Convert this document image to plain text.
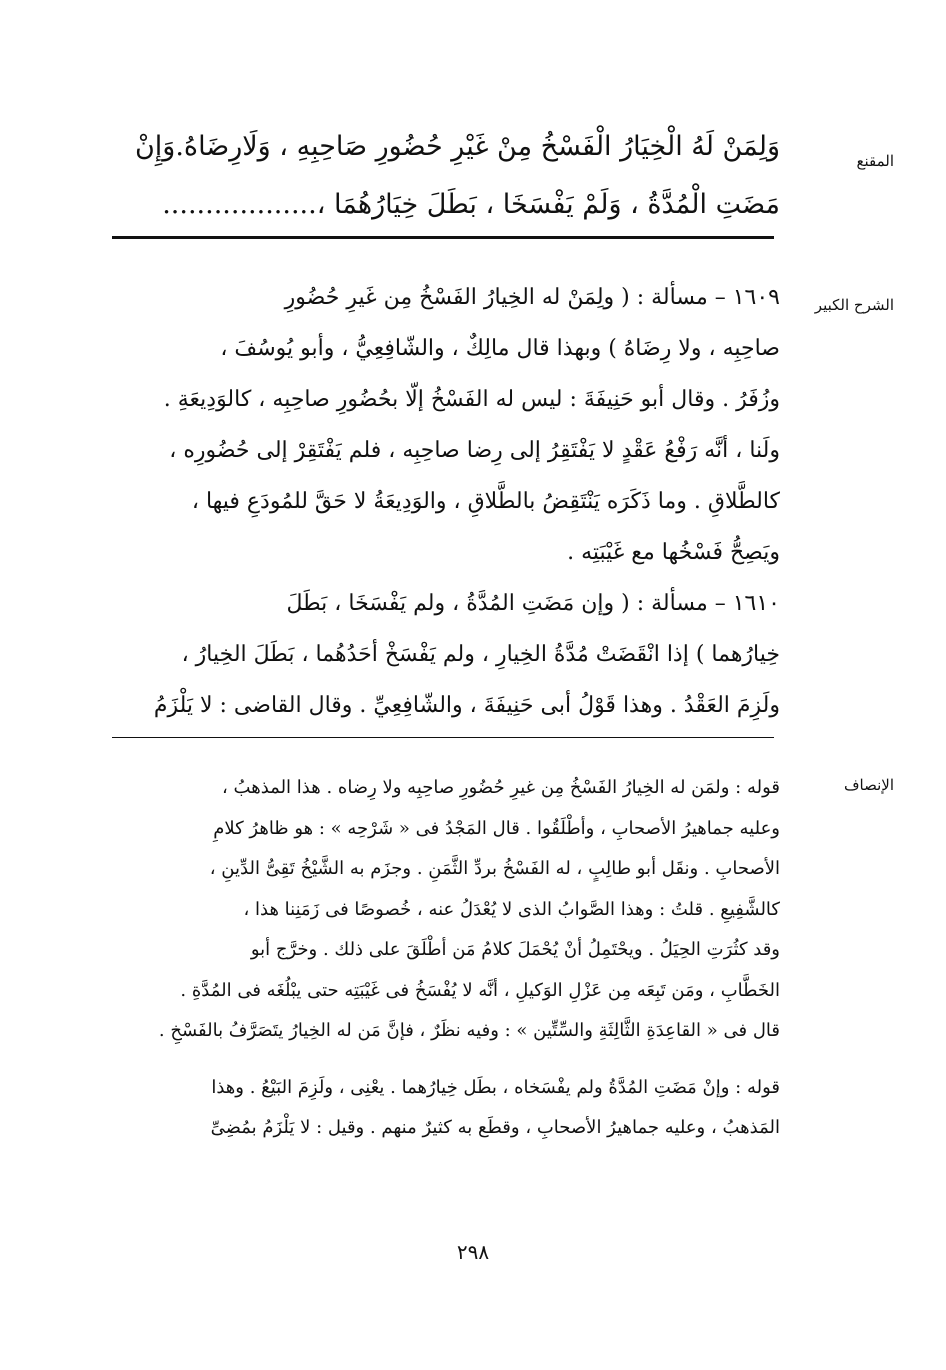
المقنع
وَلِمَنْ لَهُ الْخِيَارُ الْفَسْخُ مِنْ غَيْرِ حُضُورِ صَاحِبِهِ ، وَلَارِضَاهُ.وَإِنْ
مَضَتِ الْمُدَّةُ ، وَلَمْ يَفْسَخَا ، بَطَلَ خِيَارُهُمَا ،..................
الشرح الكبير
١٦٠٩ – مسألة : ( ولِمَنْ له الخِيارُ الفَسْخُ مِن غَيرِ حُضُورِ
صاحِبِه ، ولا رِضَاهُ ) وبهذا قال مالِكٌ ، والشّافِعِيُّ ، وأبو يُوسُفَ ،
وزُفَرُ . وقال أبو حَنِيفَةَ : ليس له الفَسْخُ إلّا بحُضُورِ صاحِبِه ، كالوَدِيعَةِ .
ولَنا ، أنَّه رَفْعُ عَقْدٍ لا يَفْتَقِرُ إلى رِضا صاحِبِه ، فلم يَفْتَقِرْ إلى حُضُورِه ،
كالطَّلاقِ . وما ذَكَرَه يَنْتَقِضُ بالطَّلاقِ ، والوَدِيعَةُ لا حَقَّ للمُودَعِ فيها ،
ويَصِحُّ فَسْخُها مع غَيْبَتِه .
١٦١٠ – مسألة : ( وإن مَضَتِ المُدَّةُ ، ولم يَفْسَخَا ، بَطَلَ
خِيارُهما ) إذا انْقَضَتْ مُدَّةُ الخِيارِ ، ولم يَفْسَخْ أحَدُهُما ، بَطَلَ الخِيارُ ،
ولَزِمَ العَقْدُ . وهذا قَوْلُ أبى حَنِيفَةَ ، والشّافِعِيِّ . وقال القاضى : لا يَلْزَمُ
الإنصاف
قوله : ولمَن له الخِيارُ الفَسْخُ مِن غيرِ حُضُورِ صاحِبِه ولا رِضاه . هذا المذهبُ ،
وعليه جماهيرُ الأصحابِ ، وأطْلَقُوا . قال المَجْدُ فى « شَرْحِه » : هو ظاهرُ كلامِ
الأصحابِ . ونقَل أبو طالِبٍ ، له الفَسْخُ بردِّ الثَّمَنِ . وجزَم به الشَّيْخُ تَقِىُّ الدِّينِ ،
كالشَّفِيعِ . قلتُ : وهذا الصَّوابُ الذى لا يُعْدَلُ عنه ، خُصوصًا فى زَمَنِنا هذا ،
وقد كثُرَتِ الحِيَلُ . ويحْتَمِلُ أنْ يُحْمَلَ كلامُ مَن أطْلَقَ على ذلك . وخرَّج أبو
الخَطَّابِ ، ومَن تَبِعَه مِن عَزْلِ الوَكيلِ ، أنَّه لا يُفْسَخُ فى غَيْبَتِه حتى يبْلُغَه فى المُدَّةِ .
قال فى « القاعِدَةِ الثَّالِثَةِ والسِّتِّين » : وفيه نظَرٌ ، فإنَّ مَن له الخِيارُ يتَصَرَّفُ بالفَسْخِ .
قوله : وإنْ مَضَتِ المُدَّةُ ولم يفْسَخاه ، بطَل خِيارُهما . يعْنِى ، ولَزِمَ البَيْعُ . وهذا
المَذهبُ ، وعليه جماهيرُ الأصحابِ ، وقطَع به كثيرٌ منهم . وقيل : لا يَلْزَمُ بمُضِىِّ
٢٩٨
